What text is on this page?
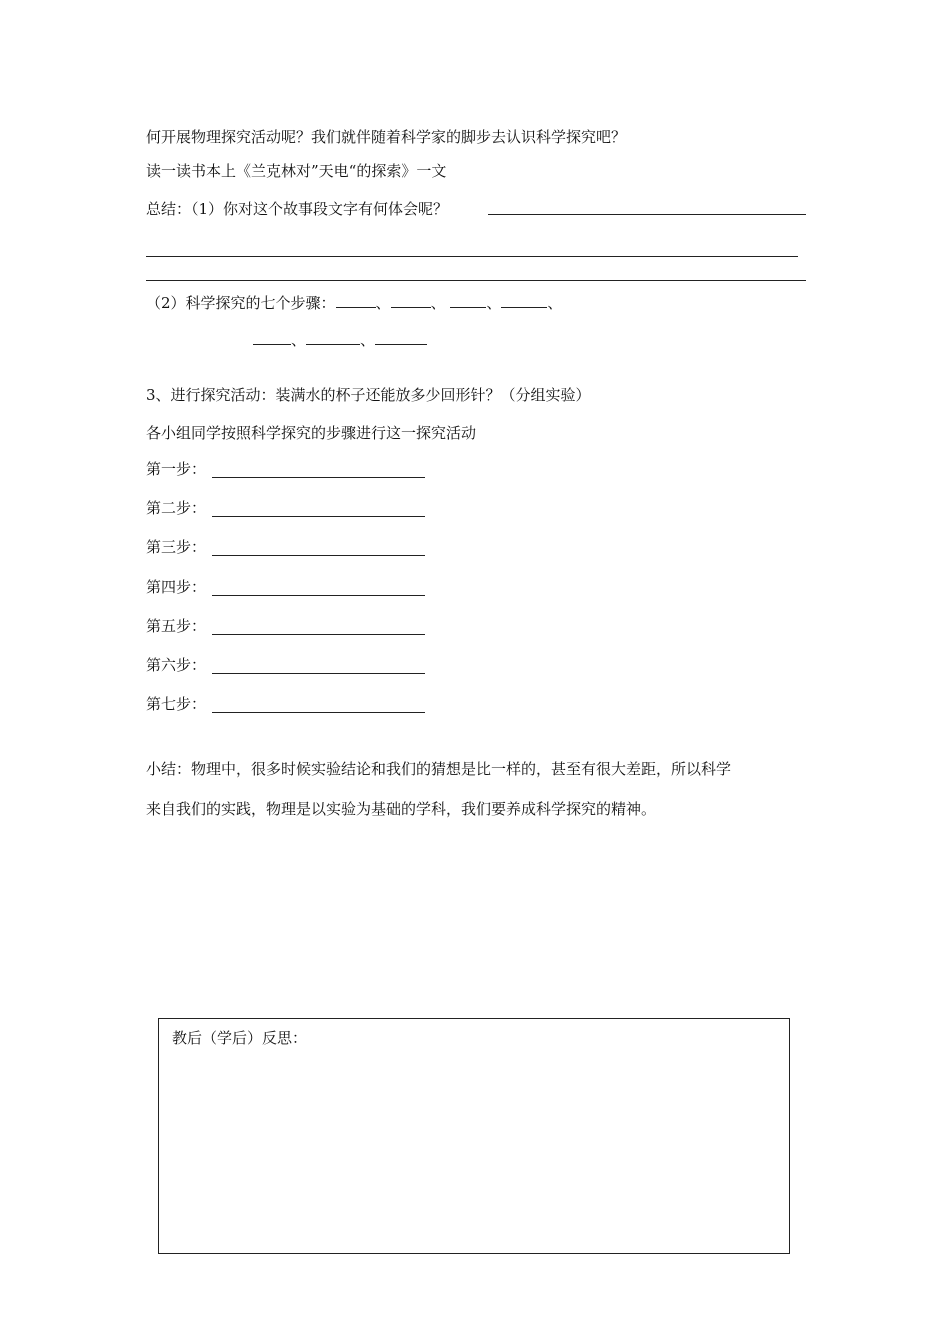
何开展物理探究活动呢？我们就伴随着科学家的脚步去认识科学探究吧？
读一读书本上《兰克林对”天电“的探索》一文
总结：（1）你对这个故事段文字有何体会呢？
（2）科学探究的七个步骤：	、	、	、	、
、	、
3、进行探究活动：装满水的杯子还能放多少回形针？（分组实验）
各小组同学按照科学探究的步骤进行这一探究活动
第一步：
第二步：
第三步：
第四步：
第五步：
第六步：
第七步：
小结：物理中，很多时候实验结论和我们的猜想是比一样的，甚至有很大差距，所以科学
来自我们的实践，物理是以实验为基础的学科，我们要养成科学探究的精神。
教后（学后）反思：
